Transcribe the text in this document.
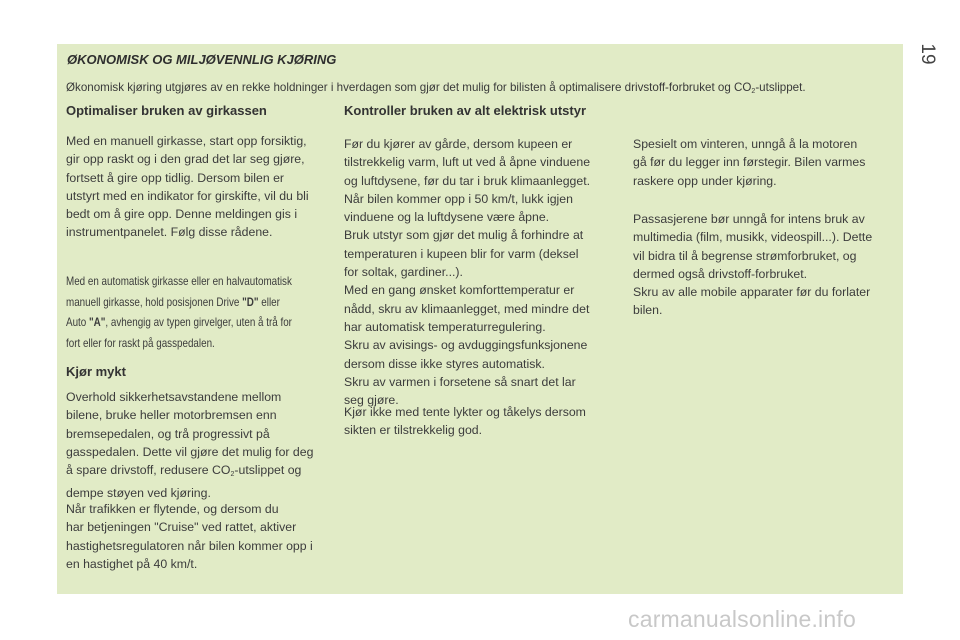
19
ØKONOMISK OG MILJØVENNLIG KJØRING
Økonomisk kjøring utgjøres av en rekke holdninger i hverdagen som gjør det mulig for bilisten å optimalisere drivstoff-forbruket og $CO_2$-utslippet.
Optimaliser bruken av girkassen
Med en manuell girkasse, start opp forsiktig,
gir opp raskt og i den grad det lar seg gjøre,
fortsett å gire opp tidlig. Dersom bilen er
utstyrt med en indikator for girskifte, vil du bli
bedt om å gire opp. Denne meldingen gis i
instrumentpanelet. Følg disse rådene.
Med en automatisk girkasse eller en halvautomatisk
manuell girkasse, hold posisjonen Drive "D" eller
Auto "A", avhengig av typen girvelger, uten å trå for
fort eller for raskt på gasspedalen.
Kjør mykt
Overhold sikkerhetsavstandene mellom
bilene, bruke heller motorbremsen enn
bremsepedalen, og trå progressivt på
gasspedalen. Dette vil gjøre det mulig for deg
å spare drivstoff, redusere $CO_2$-utslippet og
dempe støyen ved kjøring.
Når trafikken er flytende, og dersom du
har betjeningen "Cruise" ved rattet, aktiver
hastighetsregulatoren når bilen kommer opp i
en hastighet på 40 km/t.
Kontroller bruken av alt elektrisk utstyr
Før du kjører av gårde, dersom kupeen er
tilstrekkelig varm, luft ut ved å åpne vinduene
og luftdysene, før du tar i bruk klimaanlegget.
Når bilen kommer opp i 50 km/t, lukk igjen
vinduene og la luftdysene være åpne.
Bruk utstyr som gjør det mulig å forhindre at
temperaturen i kupeen blir for varm (deksel
for soltak, gardiner...).
Med en gang ønsket komforttemperatur er
nådd, skru av klimaanlegget, med mindre det
har automatisk temperaturregulering.
Skru av avisings- og avduggingsfunksjonene
dersom disse ikke styres automatisk.
Skru av varmen i forsetene så snart det lar
seg gjøre.
Kjør ikke med tente lykter og tåkelys dersom
sikten er tilstrekkelig god.
Spesielt om vinteren, unngå å la motoren
gå før du legger inn førstegir. Bilen varmes
raskere opp under kjøring.
Passasjerene bør unngå for intens bruk av
multimedia (film, musikk, videospill...). Dette
vil bidra til å begrense strømforbruket, og
dermed også drivstoff-forbruket.
Skru av alle mobile apparater før du forlater
bilen.
carmanualsonline.info
